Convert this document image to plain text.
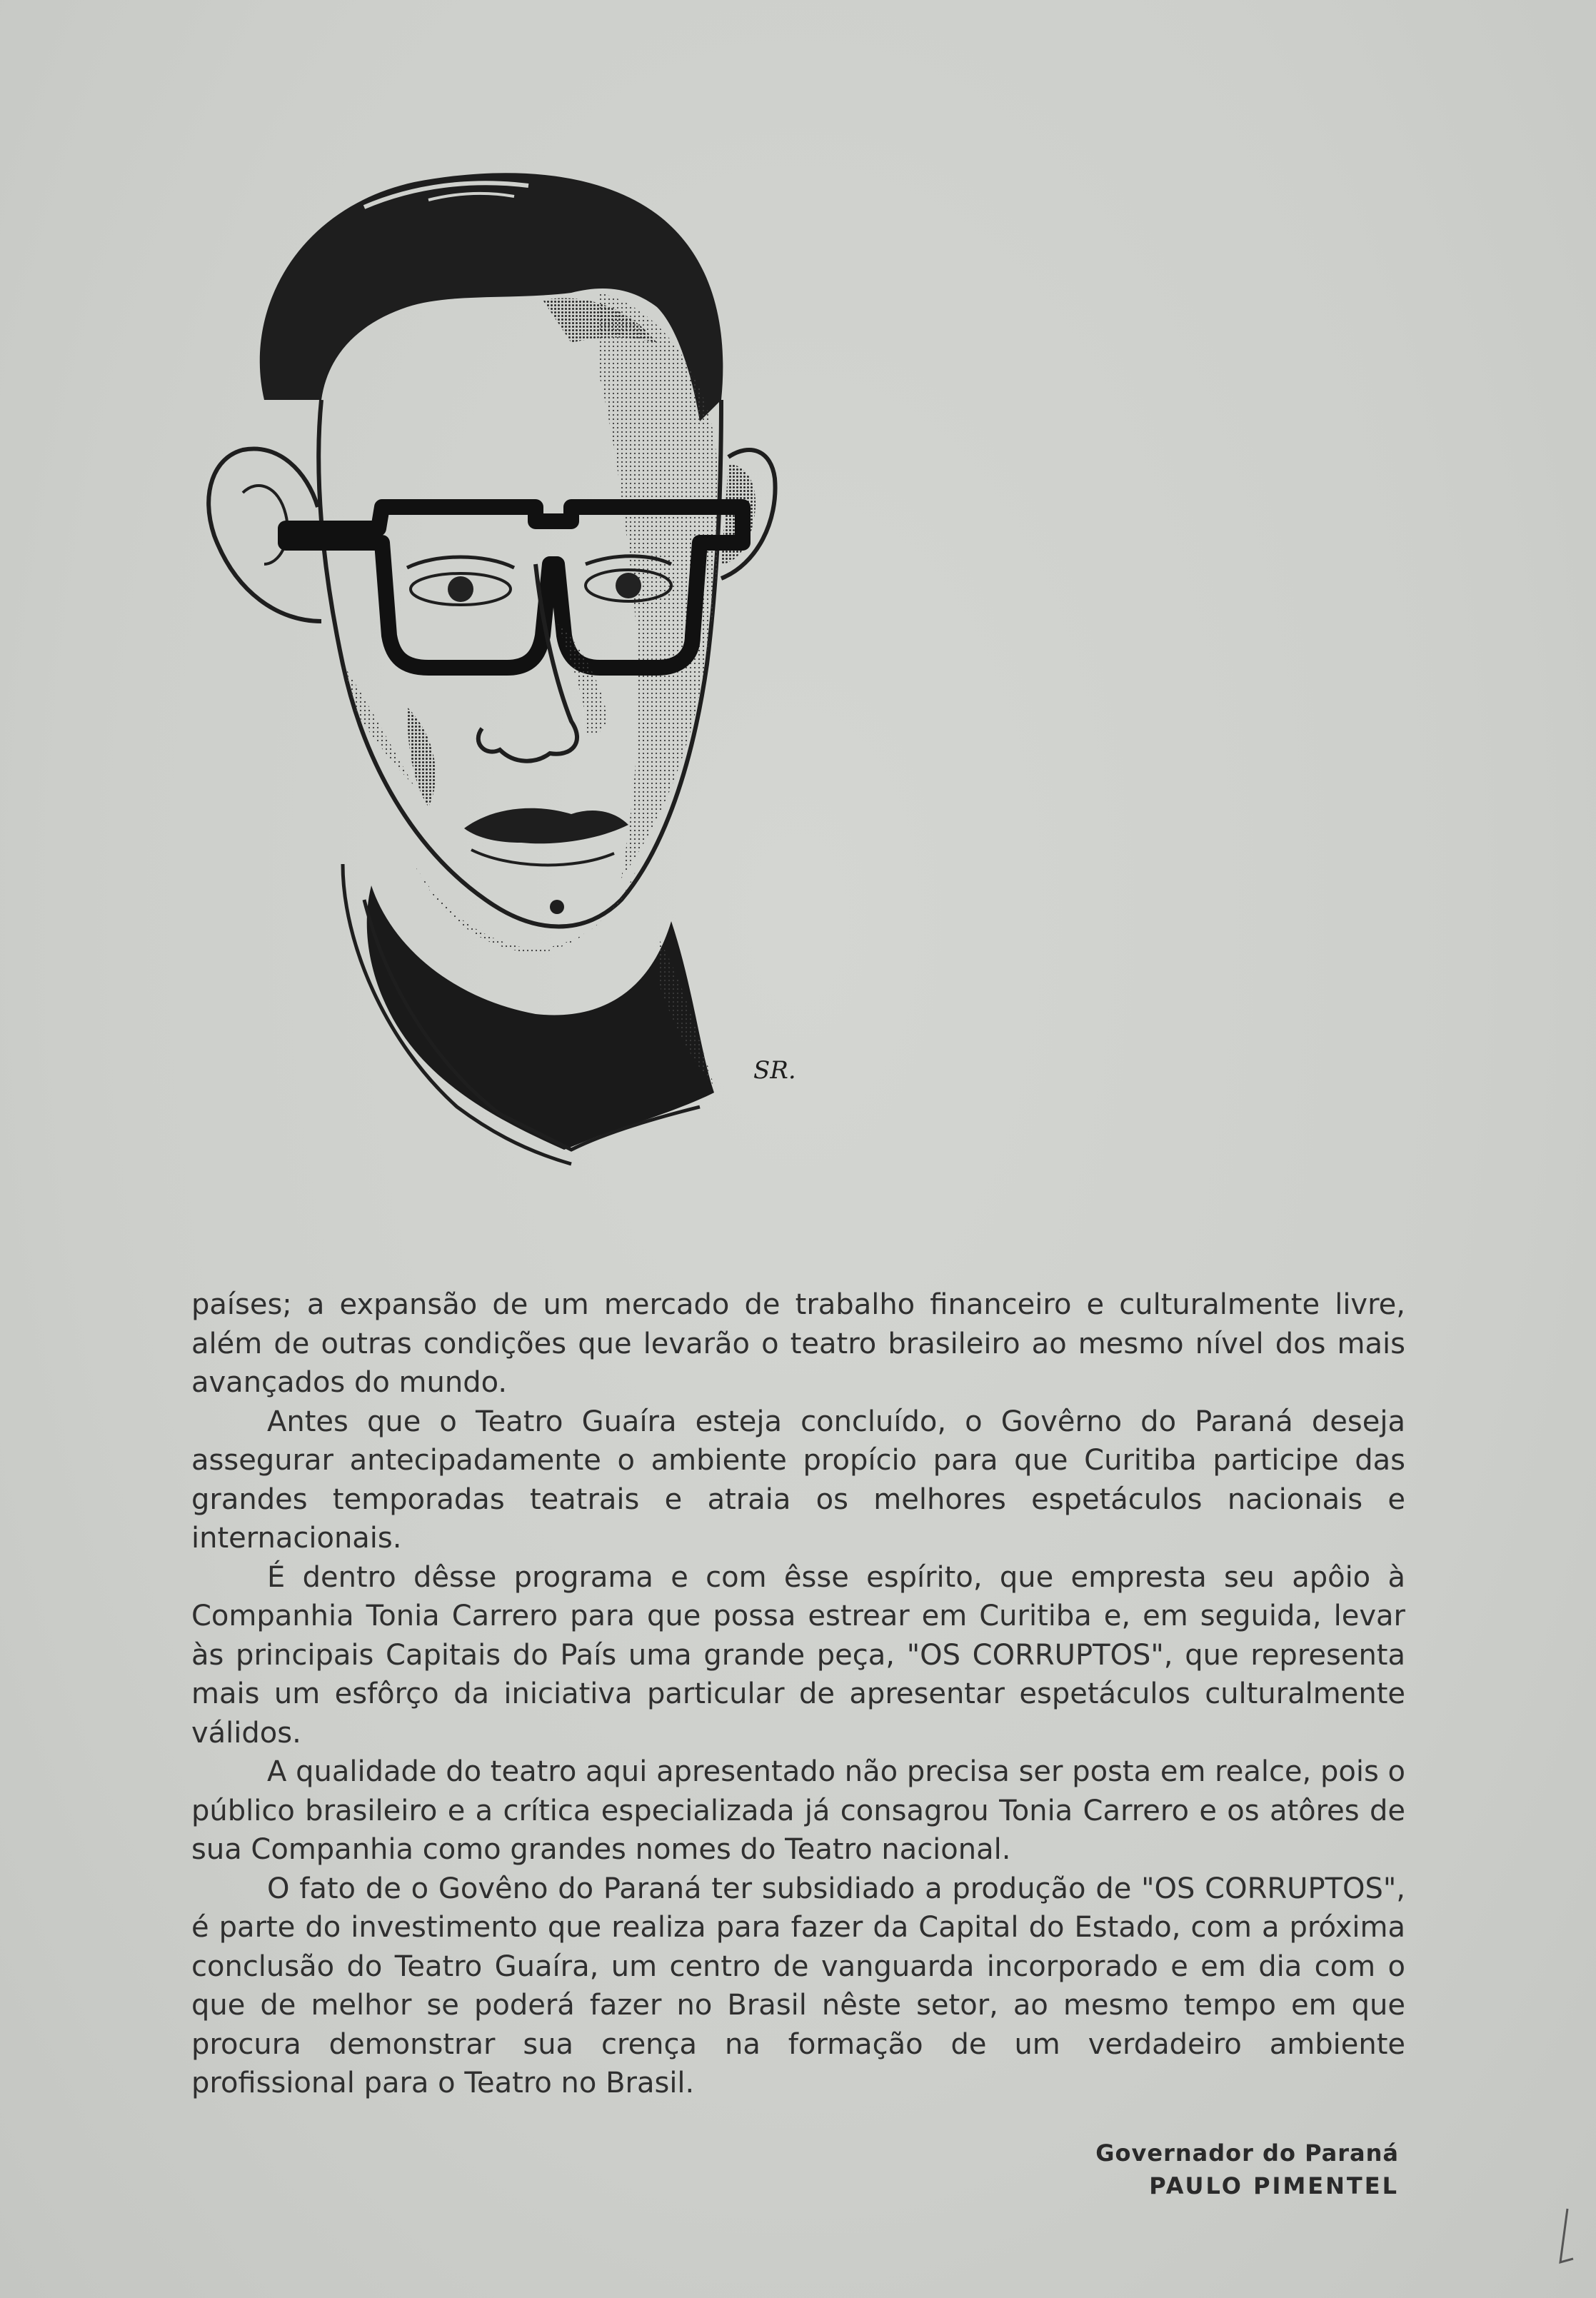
SR.

países; a expansão de um mercado de trabalho financeiro e culturalmente livre, além de outras condições que levarão o teatro brasileiro ao mesmo nível dos mais avançados do mundo.

Antes que o Teatro Guaíra esteja concluído, o Govêrno do Paraná deseja assegurar antecipadamente o ambiente propício para que Curitiba participe das grandes temporadas teatrais e atraia os melhores espetáculos nacionais e internacionais.

É dentro dêsse programa e com êsse espírito, que empresta seu apôio à Companhia Tonia Carrero para que possa estrear em Curitiba e, em seguida, levar às principais Capitais do País uma grande peça, "OS CORRUPTOS", que representa mais um esfôrço da iniciativa particular de apresentar espetáculos culturalmente válidos.

A qualidade do teatro aqui apresentado não precisa ser posta em realce, pois o público brasileiro e a crítica especializada já consagrou Tonia Carrero e os atôres de sua Companhia como grandes nomes do Teatro nacional.

O fato de o Govêno do Paraná ter subsidiado a produção de "OS CORRUPTOS", é parte do investimento que realiza para fazer da Capital do Estado, com a próxima conclusão do Teatro Guaíra, um centro de vanguarda incorporado e em dia com o que de melhor se poderá fazer no Brasil nêste setor, ao mesmo tempo em que procura demonstrar sua crença na formação de um verdadeiro ambiente profissional para o Teatro no Brasil.

Governador do Paraná
PAULO PIMENTEL
